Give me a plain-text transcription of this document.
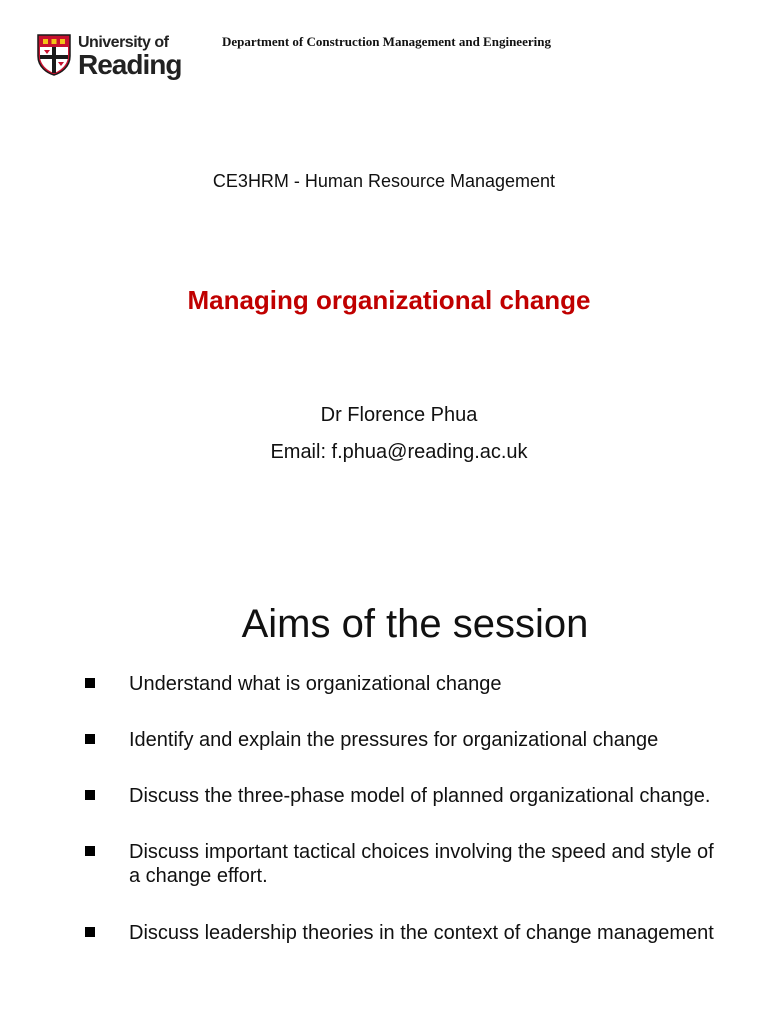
University of
Reading
Department of Construction Management and Engineering
CE3HRM - Human Resource Management
Managing organizational change
Dr Florence Phua
Email: f.phua@reading.ac.uk
Aims of the session
Understand what is organizational change
Identify and explain the pressures for organizational change
Discuss the three-phase model of planned organizational change.
Discuss important tactical choices involving the speed and style of a change effort.
Discuss leadership theories in the context of change management
